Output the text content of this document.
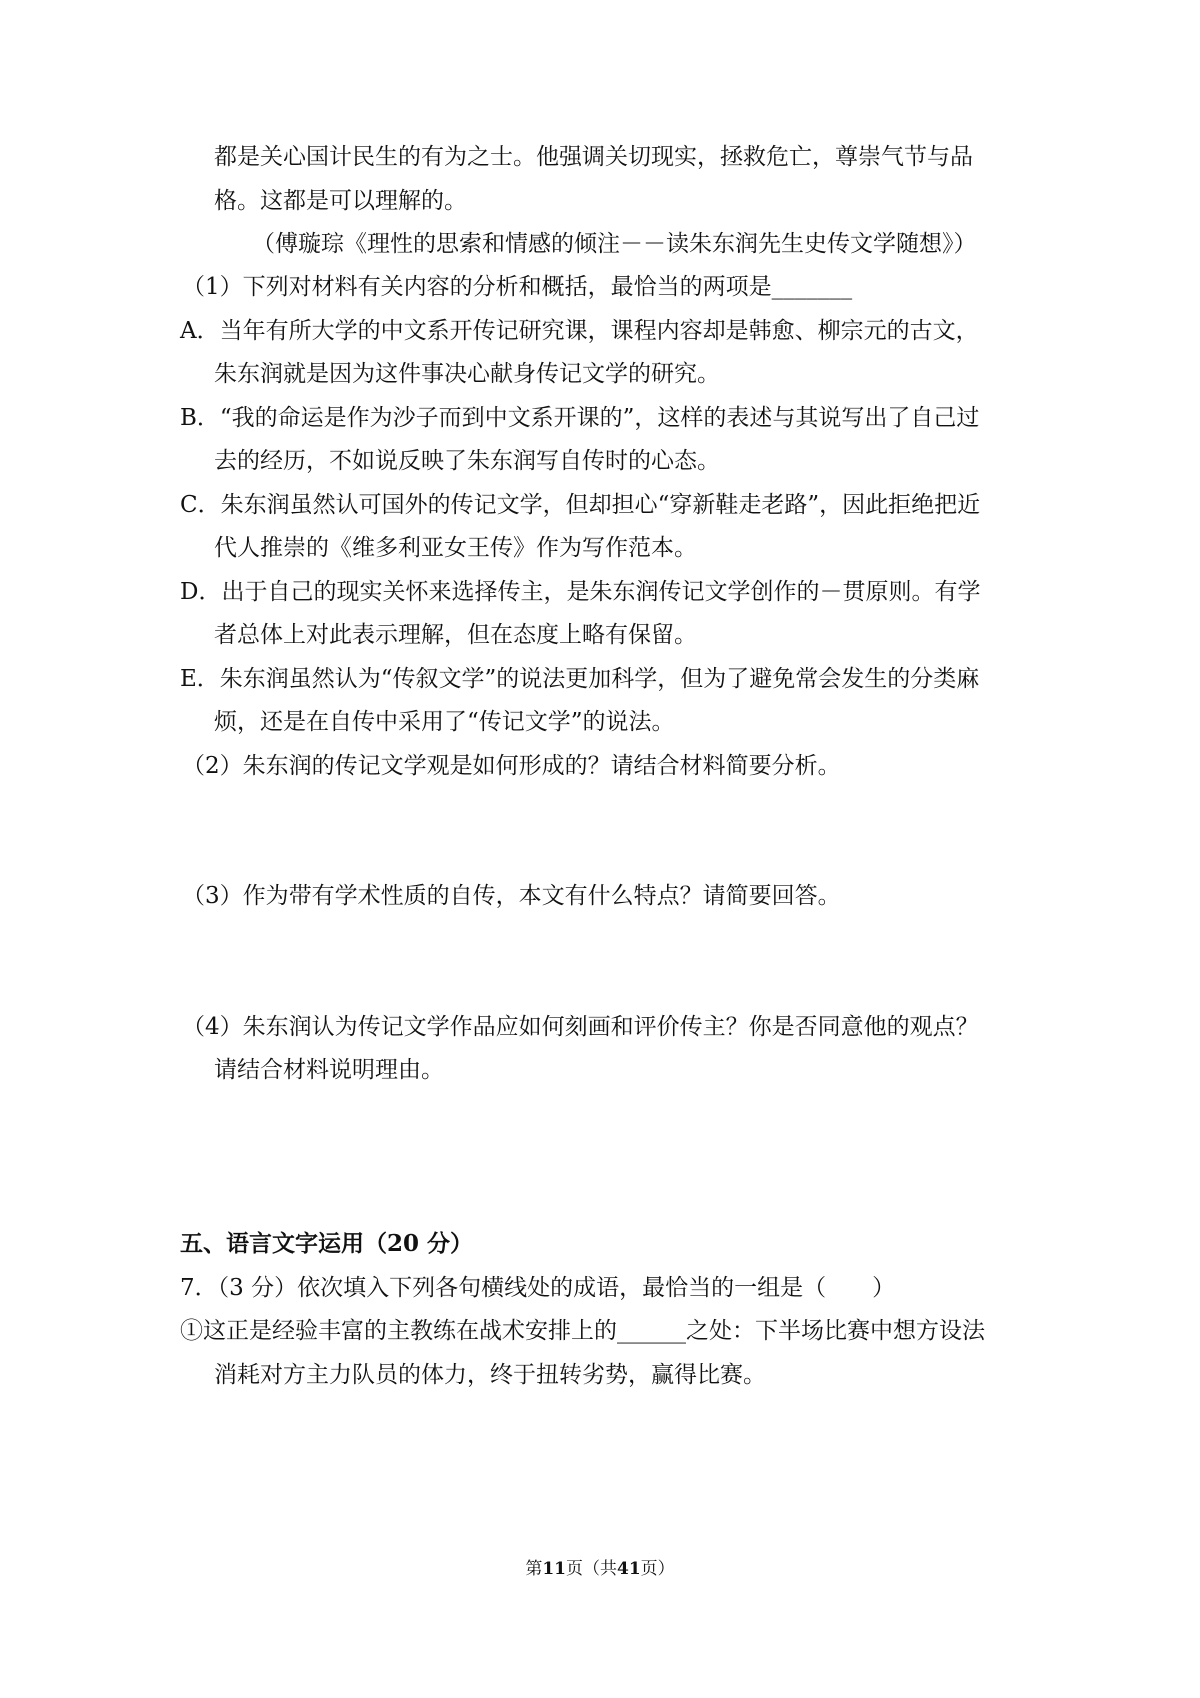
都是关心国计民生的有为之士。他强调关切现实，拯救危亡，尊崇气节与品
格。这都是可以理解的。
（傅璇琮《理性的思索和情感的倾注－－读朱东润先生史传文学随想》）
（1）下列对材料有关内容的分析和概括，最恰当的两项是_______
A．当年有所大学的中文系开传记研究课，课程内容却是韩愈、柳宗元的古文，
朱东润就是因为这件事决心献身传记文学的研究。
B．“我的命运是作为沙子而到中文系开课的”，这样的表述与其说写出了自己过
去的经历，不如说反映了朱东润写自传时的心态。
C．朱东润虽然认可国外的传记文学，但却担心“穿新鞋走老路”，因此拒绝把近
代人推崇的《维多利亚女王传》作为写作范本。
D．出于自己的现实关怀来选择传主，是朱东润传记文学创作的－贯原则。有学
者总体上对此表示理解，但在态度上略有保留。
E．朱东润虽然认为“传叙文学”的说法更加科学，但为了避免常会发生的分类麻
烦，还是在自传中采用了“传记文学”的说法。
（2）朱东润的传记文学观是如何形成的？请结合材料简要分析。
（3）作为带有学术性质的自传，本文有什么特点？请简要回答。
（4）朱东润认为传记文学作品应如何刻画和评价传主？你是否同意他的观点？
请结合材料说明理由。
五、语言文字运用（20 分）
7．（3 分）依次填入下列各句横线处的成语，最恰当的一组是（　　）
①这正是经验丰富的主教练在战术安排上的______之处：下半场比赛中想方设法
消耗对方主力队员的体力，终于扭转劣势，赢得比赛。
第11页（共41页）
